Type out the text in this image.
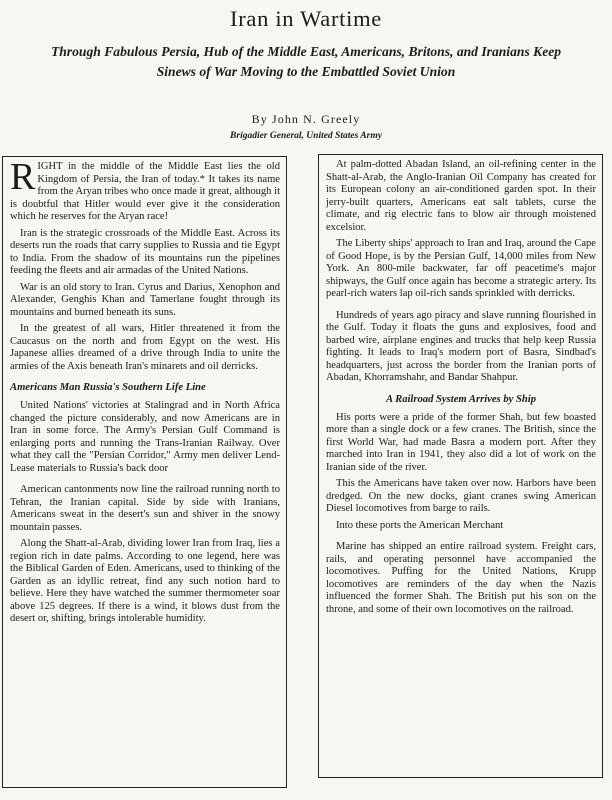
Iran in Wartime
Through Fabulous Persia, Hub of the Middle East, Americans, Britons, and Iranians Keep Sinews of War Moving to the Embattled Soviet Union
By John N. Greely
Brigadier General, United States Army

RIGHT in the middle of the Middle East lies the old Kingdom of Persia, the Iran of today.* It takes its name from the Aryan tribes who once made it great, although it is doubtful that Hitler would ever give it the consideration which he reserves for the Aryan race!

Iran is the strategic crossroads of the Middle East. Across its deserts run the roads that carry supplies to Russia and tie Egypt to India. From the shadow of its mountains run the pipelines feeding the fleets and air armadas of the United Nations.

War is an old story to Iran. Cyrus and Darius, Xenophon and Alexander, Genghis Khan and Tamerlane fought through its mountains and burned beneath its suns.

In the greatest of all wars, Hitler threatened it from the Caucasus on the north and from Egypt on the west. His Japanese allies dreamed of a drive through India to unite the armies of the Axis beneath Iran's minarets and oil derricks.

Americans Man Russia's Southern Life Line

United Nations' victories at Stalingrad and in North Africa changed the picture considerably, and now Americans are in Iran in some force. The Army's Persian Gulf Command is enlarging ports and running the Trans-Iranian Railway. Over what they call the "Persian Corridor," Army men deliver Lend-Lease materials to Russia's back door

American cantonments now line the railroad running north to Tehran, the Iranian capital. Side by side with Iranians, Americans sweat in the desert's sun and shiver in the snowy mountain passes.

Along the Shatt-al-Arab, dividing lower Iran from Iraq, lies a region rich in date palms. According to one legend, here was the Biblical Garden of Eden. Americans, used to thinking of the Garden as an idyllic retreat, find any such notion hard to believe. Here they have watched the summer thermometer soar above 125 degrees. If there is a wind, it blows dust from the desert or, shifting, brings intolerable humidity.

At palm-dotted Abadan Island, an oil-refining center in the Shatt-al-Arab, the Anglo-Iranian Oil Company has created for its European colony an air-conditioned garden spot. In their jerry-built quarters, Americans eat salt tablets, curse the climate, and rig electric fans to blow air through moistened excelsior.

The Liberty ships' approach to Iran and Iraq, around the Cape of Good Hope, is by the Persian Gulf, 14,000 miles from New York. An 800-mile backwater, far off peacetime's major shipways, the Gulf once again has become a strategic artery. Its pearl-rich waters lap oil-rich sands sprinkled with derricks.

Hundreds of years ago piracy and slave running flourished in the Gulf. Today it floats the guns and explosives, food and barbed wire, airplane engines and trucks that help keep Russia fighting. It leads to Iraq's modern port of Basra, Sindbad's headquarters, just across the border from the Iranian ports of Abadan, Khorramshahr, and Bandar Shahpur.

A Railroad System Arrives by Ship

His ports were a pride of the former Shah, but few boasted more than a single dock or a few cranes. The British, since the first World War, had made Basra a modern port. After they marched into Iran in 1941, they also did a lot of work on the Iranian side of the river.

This the Americans have taken over now. Harbors have been dredged. On the new docks, giant cranes swing American Diesel locomotives from barge to rails.

Into these ports the American Merchant

Marine has shipped an entire railroad system. Freight cars, rails, and operating personnel have accompanied the locomotives. Puffing for the United Nations, Krupp locomotives are reminders of the day when the Nazis influenced the former Shah. The British put his son on the throne, and some of their own locomotives on the railroad.
